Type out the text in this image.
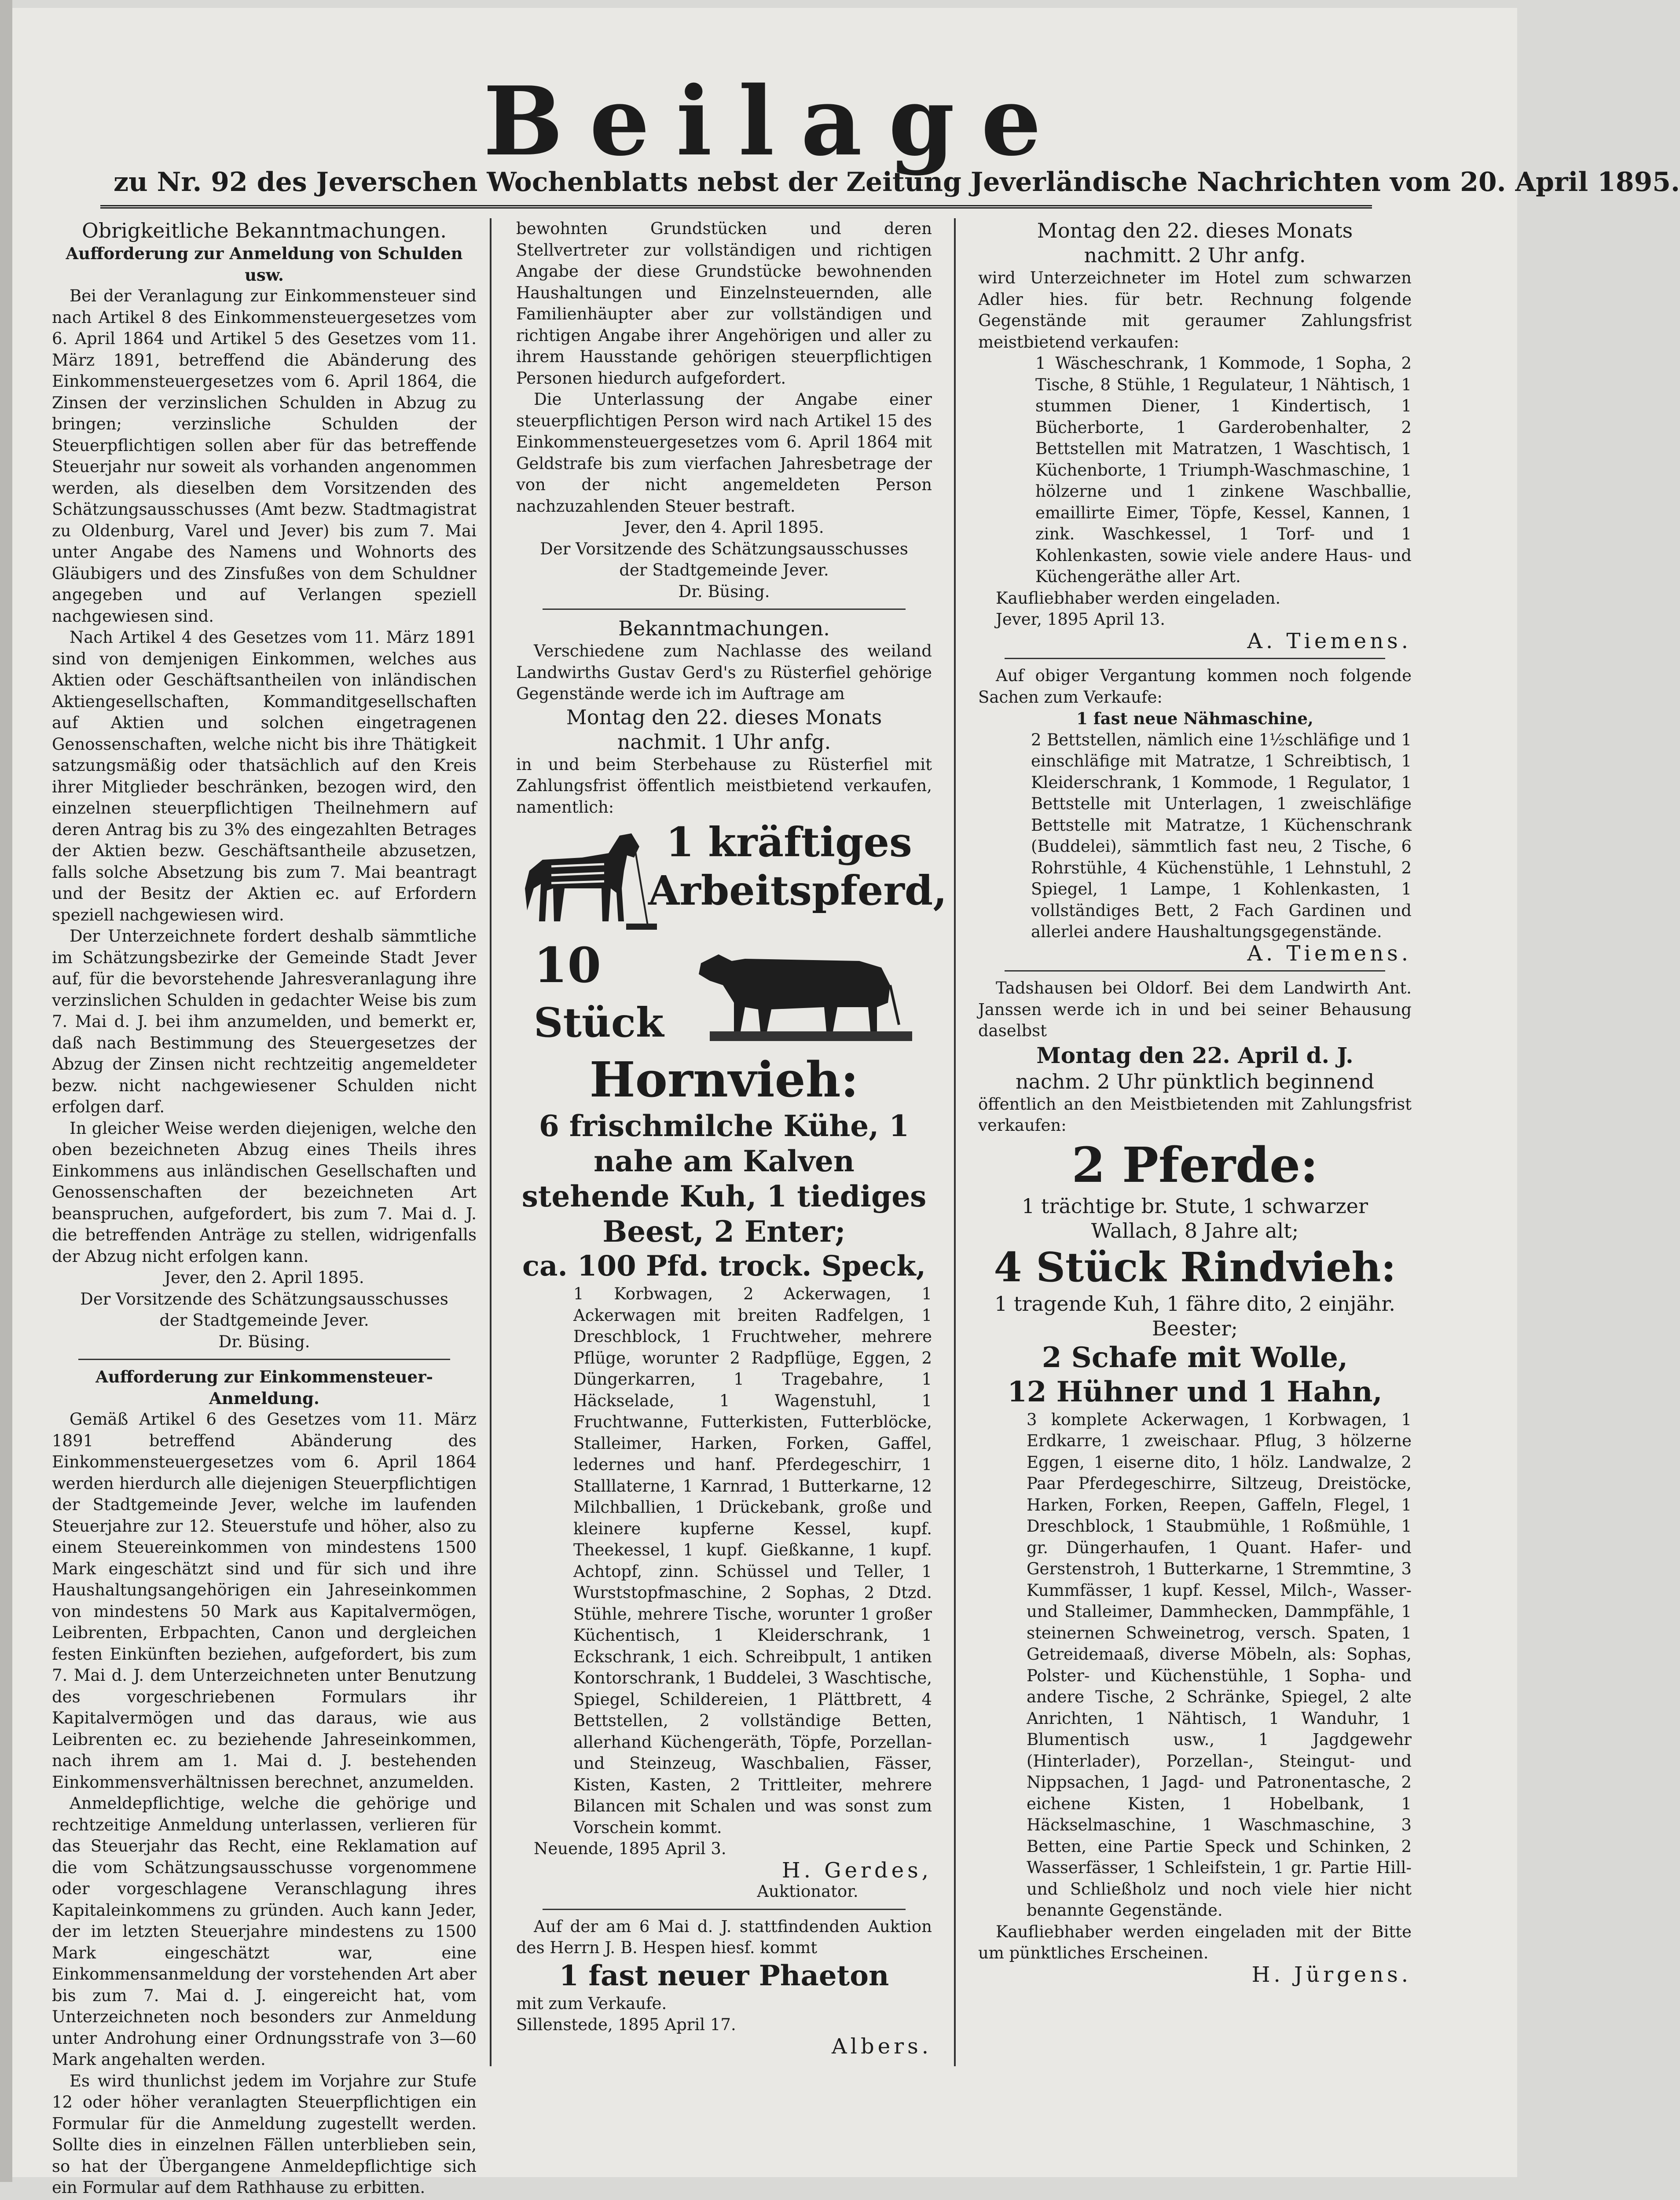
Beilage
zu Nr. 92 des Jeverschen Wochenblatts nebst der Zeitung Jeverländische Nachrichten vom 20. April 1895.

Obrigkeitliche Bekanntmachungen.

Aufforderung zur Anmeldung von Schulden usw.

Bei der Veranlagung zur Einkommensteuer sind nach Artikel 8 des Einkommensteuergesetzes vom 6. April 1864 und Artikel 5 des Gesetzes vom 11. März 1891, betreffend die Abänderung des Einkommensteuergesetzes vom 6. April 1864, die Zinsen der verzinslichen Schulden in Abzug zu bringen; verzinsliche Schulden der Steuerpflichtigen sollen aber für das betreffende Steuerjahr nur soweit als vorhanden angenommen werden, als dieselben dem Vorsitzenden des Schätzungsausschusses (Amt bezw. Stadtmagistrat zu Oldenburg, Varel und Jever) bis zum 7. Mai unter Angabe des Namens und Wohnorts des Gläubigers und des Zinsfußes von dem Schuldner angegeben und auf Verlangen speziell nachgewiesen sind.

Nach Artikel 4 des Gesetzes vom 11. März 1891 sind von demjenigen Einkommen, welches aus Aktien oder Geschäftsantheilen von inländischen Aktiengesellschaften, Kommanditgesellschaften auf Aktien und solchen eingetragenen Genossenschaften, welche nicht bis ihre Thätigkeit satzungsmäßig oder thatsächlich auf den Kreis ihrer Mitglieder beschränken, bezogen wird, den einzelnen steuerpflichtigen Theilnehmern auf deren Antrag bis zu 3% des eingezahlten Betrages der Aktien bezw. Geschäftsantheile abzusetzen, falls solche Absetzung bis zum 7. Mai beantragt und der Besitz der Aktien ec. auf Erfordern speziell nachgewiesen wird.

Der Unterzeichnete fordert deshalb sämmtliche im Schätzungsbezirke der Gemeinde Stadt Jever auf, für die bevorstehende Jahresveranlagung ihre verzinslichen Schulden in gedachter Weise bis zum 7. Mai d. J. bei ihm anzumelden, und bemerkt er, daß nach Bestimmung des Steuergesetzes der Abzug der Zinsen nicht rechtzeitig angemeldeter bezw. nicht nachgewiesener Schulden nicht erfolgen darf.

In gleicher Weise werden diejenigen, welche den oben bezeichneten Abzug eines Theils ihres Einkommens aus inländischen Gesellschaften und Genossenschaften der bezeichneten Art beanspruchen, aufgefordert, bis zum 7. Mai d. J. die betreffenden Anträge zu stellen, widrigenfalls der Abzug nicht erfolgen kann.

Jever, den 2. April 1895.

Der Vorsitzende des Schätzungsausschusses

der Stadtgemeinde Jever.

Dr. Büsing.

Aufforderung zur Einkommensteuer-Anmeldung.

Gemäß Artikel 6 des Gesetzes vom 11. März 1891 betreffend Abänderung des Einkommensteuergesetzes vom 6. April 1864 werden hierdurch alle diejenigen Steuerpflichtigen der Stadtgemeinde Jever, welche im laufenden Steuerjahre zur 12. Steuerstufe und höher, also zu einem Steuereinkommen von mindestens 1500 Mark eingeschätzt sind und für sich und ihre Haushaltungsangehörigen ein Jahreseinkommen von mindestens 50 Mark aus Kapitalvermögen, Leibrenten, Erbpachten, Canon und dergleichen festen Einkünften beziehen, aufgefordert, bis zum 7. Mai d. J. dem Unterzeichneten unter Benutzung des vorgeschriebenen Formulars ihr Kapitalvermögen und das daraus, wie aus Leibrenten ec. zu beziehende Jahreseinkommen, nach ihrem am 1. Mai d. J. bestehenden Einkommensverhältnissen berechnet, anzumelden.

Anmeldepflichtige, welche die gehörige und rechtzeitige Anmeldung unterlassen, verlieren für das Steuerjahr das Recht, eine Reklamation auf die vom Schätzungsausschusse vorgenommene oder vorgeschlagene Veranschlagung ihres Kapitaleinkommens zu gründen. Auch kann Jeder, der im letzten Steuerjahre mindestens zu 1500 Mark eingeschätzt war, eine Einkommensanmeldung der vorstehenden Art aber bis zum 7. Mai d. J. eingereicht hat, vom Unterzeichneten noch besonders zur Anmeldung unter Androhung einer Ordnungsstrafe von 3—60 Mark angehalten werden.

Es wird thunlichst jedem im Vorjahre zur Stufe 12 oder höher veranlagten Steuerpflichtigen ein Formular für die Anmeldung zugestellt werden. Sollte dies in einzelnen Fällen unterblieben sein, so hat der Übergangene Anmeldepflichtige sich ein Formular auf dem Rathhause zu erbitten.

bewohnten Grundstücken und deren Stellvertreter zur vollständigen und richtigen Angabe der diese Grundstücke bewohnenden Haushaltungen und Einzelnsteuernden, alle Familienhäupter aber zur vollständigen und richtigen Angabe ihrer Angehörigen und aller zu ihrem Hausstande gehörigen steuerpflichtigen Personen hiedurch aufgefordert.

Die Unterlassung der Angabe einer steuerpflichtigen Person wird nach Artikel 15 des Einkommensteuergesetzes vom 6. April 1864 mit Geldstrafe bis zum vierfachen Jahresbetrage der von der nicht angemeldeten Person nachzuzahlenden Steuer bestraft.

Jever, den 4. April 1895.

Der Vorsitzende des Schätzungsausschusses

der Stadtgemeinde Jever.

Dr. Büsing.

Bekanntmachungen.

Verschiedene zum Nachlasse des weiland Landwirths Gustav Gerd's zu Rüsterfiel gehörige Gegenstände werde ich im Auftrage am

Montag den 22. dieses Monats

nachmit. 1 Uhr anfg.

in und beim Sterbehause zu Rüsterfiel mit Zahlungsfrist öffentlich meistbietend verkaufen, namentlich:

1 kräftiges Arbeitspferd,
10
Stück

Hornvieh:

6 frischmilche Kühe, 1 nahe am Kalven stehende Kuh, 1 tiediges Beest, 2 Enter;

ca. 100 Pfd. trock. Speck,

1 Korbwagen, 2 Ackerwagen, 1 Ackerwagen mit breiten Radfelgen, 1 Dreschblock, 1 Fruchtweher, mehrere Pflüge, worunter 2 Radpflüge, Eggen, 2 Düngerkarren, 1 Tragebahre, 1 Häckselade, 1 Wagenstuhl, 1 Fruchtwanne, Futterkisten, Futterblöcke, Stalleimer, Harken, Forken, Gaffel, ledernes und hanf. Pferdegeschirr, 1 Stalllaterne, 1 Karnrad, 1 Butterkarne, 12 Milchballien, 1 Drückebank, große und kleinere kupferne Kessel, kupf. Theekessel, 1 kupf. Gießkanne, 1 kupf. Achtopf, zinn. Schüssel und Teller, 1 Wurststopfmaschine, 2 Sophas, 2 Dtzd. Stühle, mehrere Tische, worunter 1 großer Küchentisch, 1 Kleiderschrank, 1 Eckschrank, 1 eich. Schreibpult, 1 antiken Kontorschrank, 1 Buddelei, 3 Waschtische, Spiegel, Schildereien, 1 Plättbrett, 4 Bettstellen, 2 vollständige Betten, allerhand Küchengeräth, Töpfe, Porzellan- und Steinzeug, Waschbalien, Fässer, Kisten, Kasten, 2 Trittleiter, mehrere Bilancen mit Schalen und was sonst zum Vorschein kommt.

Neuende, 1895 April 3.

H. Gerdes,

Auktionator.

Auf der am 6 Mai d. J. stattfindenden Auktion des Herrn J. B. Hespen hiesf. kommt

1 fast neuer Phaeton

mit zum Verkaufe.

Sillenstede, 1895 April 17.

Albers.

Montag den 22. dieses Monats

nachmitt. 2 Uhr anfg.

wird Unterzeichneter im Hotel zum schwarzen Adler hies. für betr. Rechnung folgende Gegenstände mit geraumer Zahlungsfrist meistbietend verkaufen:

1 Wäscheschrank, 1 Kommode, 1 Sopha, 2 Tische, 8 Stühle, 1 Regulateur, 1 Nähtisch, 1 stummen Diener, 1 Kindertisch, 1 Bücherborte, 1 Garderobenhalter, 2 Bettstellen mit Matratzen, 1 Waschtisch, 1 Küchenborte, 1 Triumph-Waschmaschine, 1 hölzerne und 1 zinkene Waschballie, emaillirte Eimer, Töpfe, Kessel, Kannen, 1 zink. Waschkessel, 1 Torf- und 1 Kohlenkasten, sowie viele andere Haus- und Küchengeräthe aller Art.

Kaufliebhaber werden eingeladen.

Jever, 1895 April 13.

A. Tiemens.

Auf obiger Vergantung kommen noch folgende Sachen zum Verkaufe:

1 fast neue Nähmaschine,

2 Bettstellen, nämlich eine 1½schläfige und 1 einschläfige mit Matratze, 1 Schreibtisch, 1 Kleiderschrank, 1 Kommode, 1 Regulator, 1 Bettstelle mit Unterlagen, 1 zweischläfige Bettstelle mit Matratze, 1 Küchenschrank (Buddelei), sämmtlich fast neu, 2 Tische, 6 Rohrstühle, 4 Küchenstühle, 1 Lehnstuhl, 2 Spiegel, 1 Lampe, 1 Kohlenkasten, 1 vollständiges Bett, 2 Fach Gardinen und allerlei andere Haushaltungsgegenstände.

A. Tiemens.

Tadshausen bei Oldorf. Bei dem Landwirth Ant. Janssen werde ich in und bei seiner Behausung daselbst

Montag den 22. April d. J.

nachm. 2 Uhr pünktlich beginnend

öffentlich an den Meistbietenden mit Zahlungsfrist verkaufen:

2 Pferde:

1 trächtige br. Stute, 1 schwarzer Wallach, 8 Jahre alt;

4 Stück Rindvieh:

1 tragende Kuh, 1 fähre dito, 2 einjähr. Beester;

2 Schafe mit Wolle,

12 Hühner und 1 Hahn,

3 komplete Ackerwagen, 1 Korbwagen, 1 Erdkarre, 1 zweischaar. Pflug, 3 hölzerne Eggen, 1 eiserne dito, 1 hölz. Landwalze, 2 Paar Pferdegeschirre, Siltzeug, Dreistöcke, Harken, Forken, Reepen, Gaffeln, Flegel, 1 Dreschblock, 1 Staubmühle, 1 Roßmühle, 1 gr. Düngerhaufen, 1 Quant. Hafer- und Gerstenstroh, 1 Butterkarne, 1 Stremmtine, 3 Kummfässer, 1 kupf. Kessel, Milch-, Wasser- und Stalleimer, Dammhecken, Dammpfähle, 1 steinernen Schweinetrog, versch. Spaten, 1 Getreidemaaß, diverse Möbeln, als: Sophas, Polster- und Küchenstühle, 1 Sopha- und andere Tische, 2 Schränke, Spiegel, 2 alte Anrichten, 1 Nähtisch, 1 Wanduhr, 1 Blumentisch usw., 1 Jagdgewehr (Hinterlader), Porzellan-, Steingut- und Nippsachen, 1 Jagd- und Patronentasche, 2 eichene Kisten, 1 Hobelbank, 1 Häckselmaschine, 1 Waschmaschine, 3 Betten, eine Partie Speck und Schinken, 2 Wasserfässer, 1 Schleifstein, 1 gr. Partie Hill- und Schließholz und noch viele hier nicht benannte Gegenstände.

Kaufliebhaber werden eingeladen mit der Bitte um pünktliches Erscheinen.

H. Jürgens.
